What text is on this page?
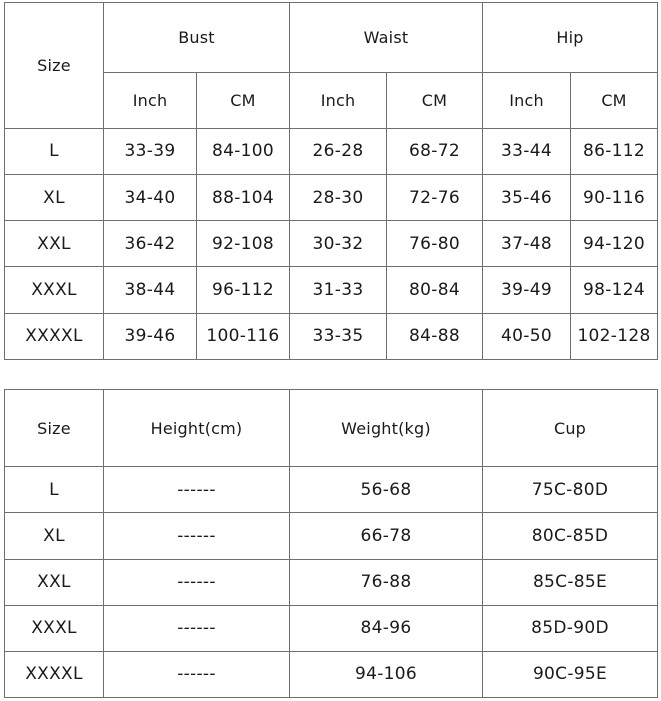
Size	Bust		Waist		Hip	
	Inch	CM	Inch	CM	Inch	CM
L	33-39	84-100	26-28	68-72	33-44	86-112
XL	34-40	88-104	28-30	72-76	35-46	90-116
XXL	36-42	92-108	30-32	76-80	37-48	94-120
XXXL	38-44	96-112	31-33	80-84	39-49	98-124
XXXXL	39-46	100-116	33-35	84-88	40-50	102-128
Size	Height(cm)	Weight(kg)	Cup
L	------	56-68	75C-80D
XL	------	66-78	80C-85D
XXL	------	76-88	85C-85E
XXXL	------	84-96	85D-90D
XXXXL	------	94-106	90C-95E
